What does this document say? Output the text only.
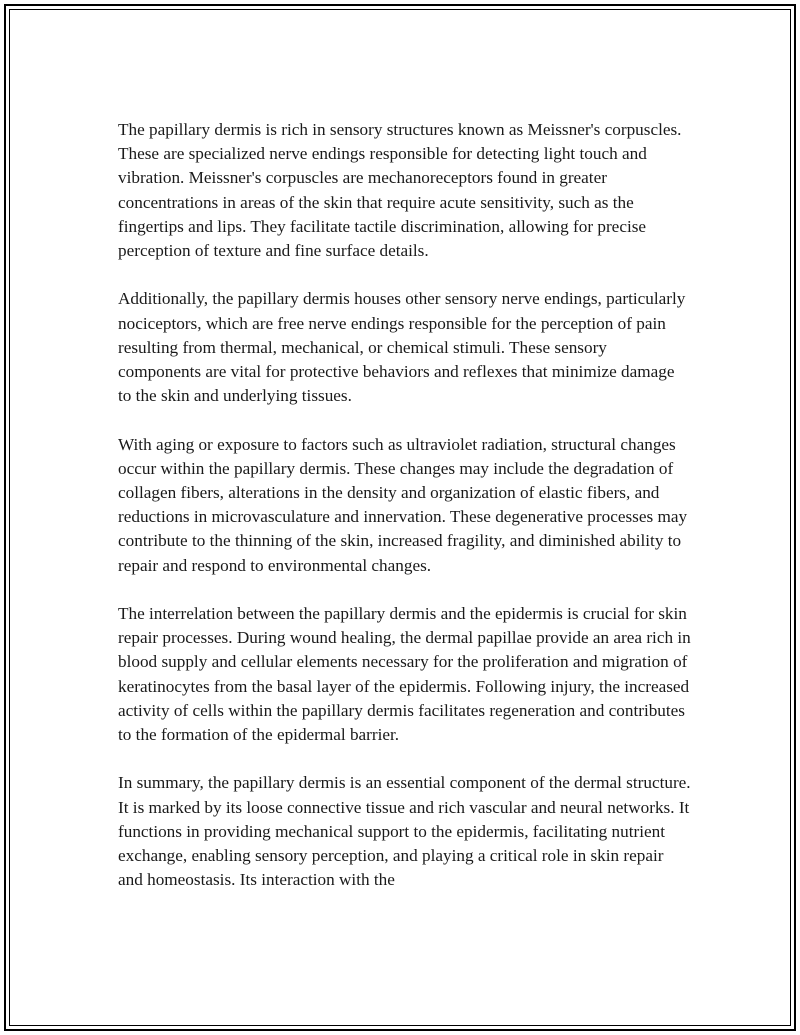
The papillary dermis is rich in sensory structures known as Meissner's corpuscles. These are specialized nerve endings responsible for detecting light touch and vibration. Meissner's corpuscles are mechanoreceptors found in greater concentrations in areas of the skin that require acute sensitivity, such as the fingertips and lips. They facilitate tactile discrimination, allowing for precise perception of texture and fine surface details.

Additionally, the papillary dermis houses other sensory nerve endings, particularly nociceptors, which are free nerve endings responsible for the perception of pain resulting from thermal, mechanical, or chemical stimuli. These sensory components are vital for protective behaviors and reflexes that minimize damage to the skin and underlying tissues.

With aging or exposure to factors such as ultraviolet radiation, structural changes occur within the papillary dermis. These changes may include the degradation of collagen fibers, alterations in the density and organization of elastic fibers, and reductions in microvasculature and innervation. These degenerative processes may contribute to the thinning of the skin, increased fragility, and diminished ability to repair and respond to environmental changes.

The interrelation between the papillary dermis and the epidermis is crucial for skin repair processes. During wound healing, the dermal papillae provide an area rich in blood supply and cellular elements necessary for the proliferation and migration of keratinocytes from the basal layer of the epidermis. Following injury, the increased activity of cells within the papillary dermis facilitates regeneration and contributes to the formation of the epidermal barrier.

In summary, the papillary dermis is an essential component of the dermal structure. It is marked by its loose connective tissue and rich vascular and neural networks. It functions in providing mechanical support to the epidermis, facilitating nutrient exchange, enabling sensory perception, and playing a critical role in skin repair and homeostasis. Its interaction with the
